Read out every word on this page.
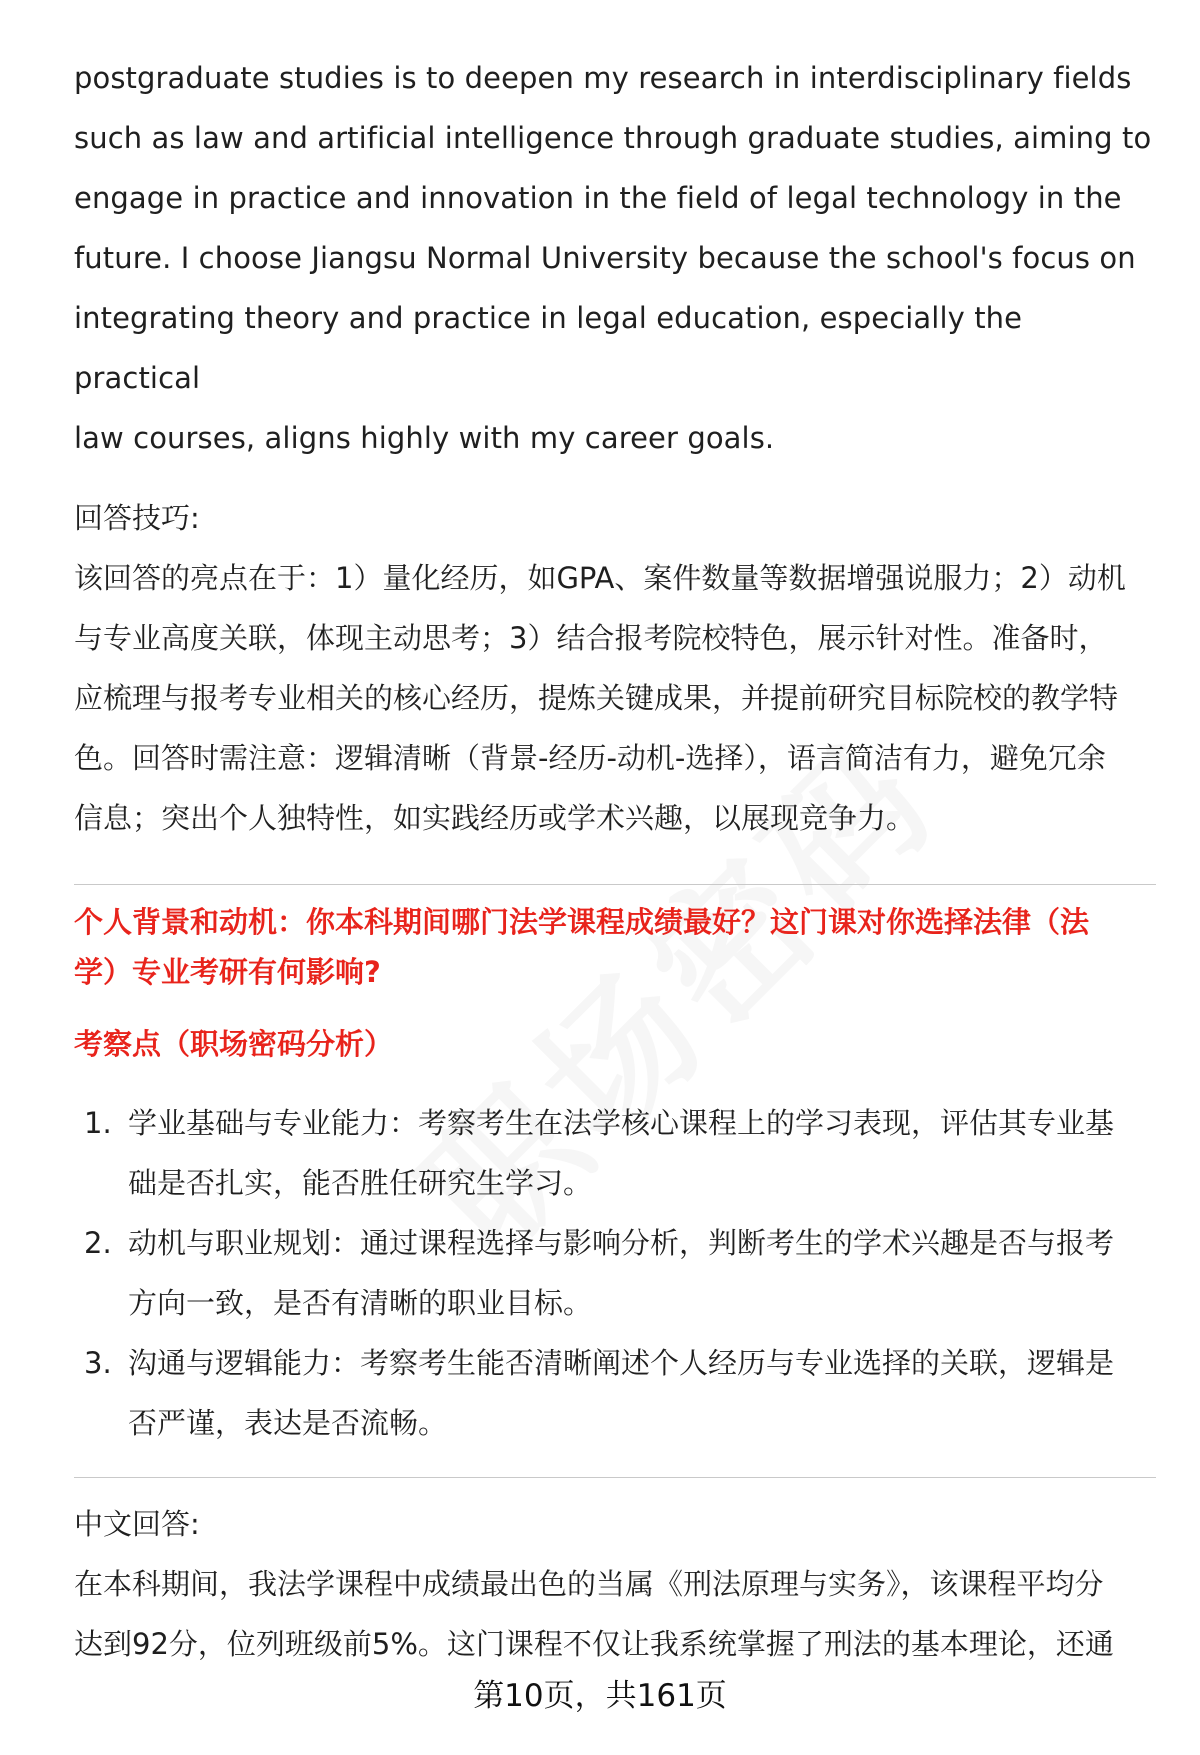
postgraduate studies is to deepen my research in interdisciplinary fields
such as law and artificial intelligence through graduate studies, aiming to
engage in practice and innovation in the field of legal technology in the
future. I choose Jiangsu Normal University because the school's focus on
integrating theory and practice in legal education, especially the practical
law courses, aligns highly with my career goals.
回答技巧:
该回答的亮点在于：1）量化经历，如GPA、案件数量等数据增强说服力；2）动机
与专业高度关联，体现主动思考；3）结合报考院校特色，展示针对性。准备时，
应梳理与报考专业相关的核心经历，提炼关键成果，并提前研究目标院校的教学特
色。回答时需注意：逻辑清晰（背景-经历-动机-选择），语言简洁有力，避免冗余
信息；突出个人独特性，如实践经历或学术兴趣，以展现竞争力。
个人背景和动机：你本科期间哪门法学课程成绩最好？这门课对你选择法律（法
学）专业考研有何影响?
考察点（职场密码分析）
1. 学业基础与专业能力：考察考生在法学核心课程上的学习表现，评估其专业基
础是否扎实，能否胜任研究生学习。
2. 动机与职业规划：通过课程选择与影响分析，判断考生的学术兴趣是否与报考
方向一致，是否有清晰的职业目标。
3. 沟通与逻辑能力：考察考生能否清晰阐述个人经历与专业选择的关联，逻辑是
否严谨，表达是否流畅。
中文回答:
在本科期间，我法学课程中成绩最出色的当属《刑法原理与实务》，该课程平均分
达到92分，位列班级前5%。这门课程不仅让我系统掌握了刑法的基本理论，还通
第10页，共161页
